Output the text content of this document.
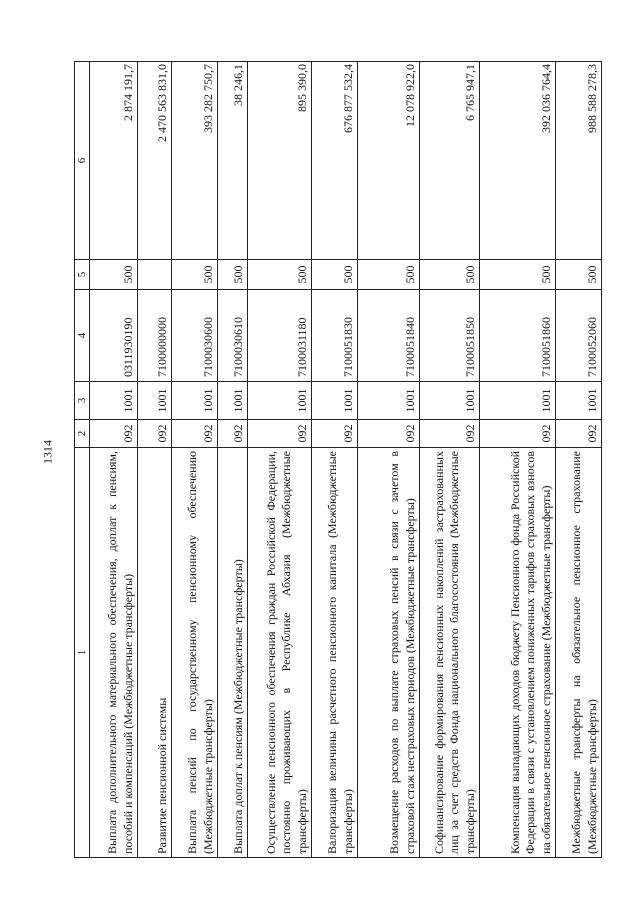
1314
1	2	3	4	5	6
Выплата дополнительного материального обеспечения, доплат к пенсиям, пособий и компенсаций (Межбюджетные трансферты)	092	1001	0311930190	500	2 874 191,7
Развитие пенсионной системы	092	1001	7100000000		2 470 563 831,0
Выплата пенсий по государственному пенсионному обеспечению (Межбюджетные трансферты)	092	1001	7100030600	500	393 282 750,7
Выплата доплат к пенсиям (Межбюджетные трансферты)	092	1001	7100030610	500	38 246,1
Осуществление пенсионного обеспечения граждан Российской Федерации, постоянно проживающих в Республике Абхазия (Межбюджетные трансферты)	092	1001	7100031180	500	895 390,0
Валоризация величины расчетного пенсионного капитала (Межбюджетные трансферты)	092	1001	7100051830	500	676 877 532,4
Возмещение расходов по выплате страховых пенсий в связи с зачетом в страховой стаж нестраховых периодов (Межбюджетные трансферты)	092	1001	7100051840	500	12 078 922,0
Софинансирование формирования пенсионных накоплений застрахованных лиц за счет средств Фонда национального благосостояния (Межбюджетные трансферты)	092	1001	7100051850	500	6 765 947,1
Компенсация выпадающих доходов бюджету Пенсионного фонда Российской Федерации в связи с установлением пониженных тарифов страховых взносов на обязательное пенсионное страхование (Межбюджетные трансферты)	092	1001	7100051860	500	392 036 764,4
Межбюджетные трансферты на обязательное пенсионное страхование (Межбюджетные трансферты)	092	1001	7100052060	500	988 588 278,3
